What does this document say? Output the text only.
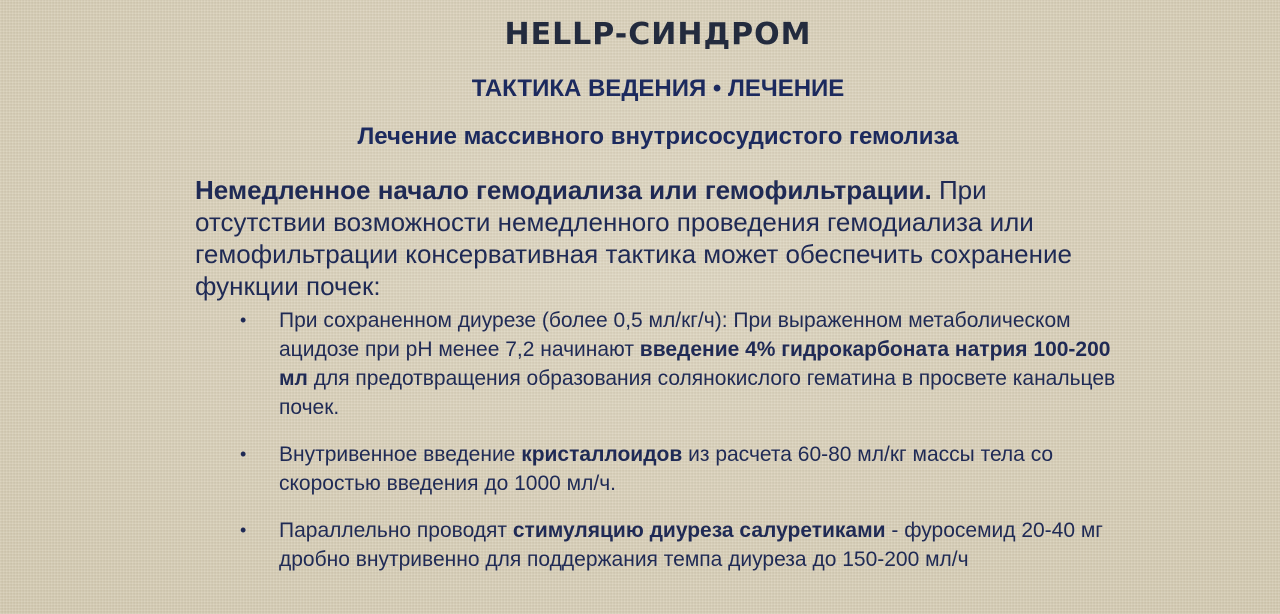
HELLP-СИНДРОМ
ТАКТИКА ВЕДЕНИЯ • ЛЕЧЕНИЕ
Лечение массивного внутрисосудистого гемолиза
Немедленное начало гемодиализа или гемофильтрации. При отсутствии возможности немедленного проведения гемодиализа или гемофильтрации консервативная тактика может обеспечить сохранение функции почек:
• При сохраненном диурезе (более 0,5 мл/кг/ч): При выраженном метаболическом ацидозе при pH менее 7,2 начинают введение 4% гидрокарбоната натрия 100-200 мл для предотвращения образования солянокислого гематина в просвете канальцев почек.
• Внутривенное введение кристаллоидов из расчета 60-80 мл/кг массы тела со скоростью введения до 1000 мл/ч.
• Параллельно проводят стимуляцию диуреза салуретиками - фуросемид 20-40 мг дробно внутривенно для поддержания темпа диуреза до 150-200 мл/ч
